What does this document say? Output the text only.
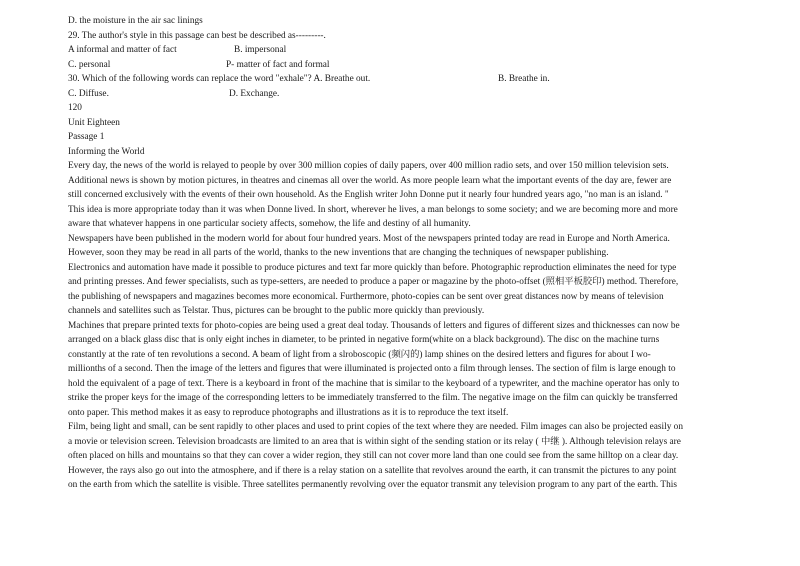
D. the moisture in the air sac linings
29. The author's style in this passage can best be described as---------.
A informal and matter of fact	B. impersonal
C. personal	P- matter of fact and formal
30. Which of the following words can replace the word "exhale"? A. Breathe out.	B. Breathe in.
C. Diffuse.	D. Exchange.
120
Unit Eighteen
Passage 1
Informing the World
Every day, the news of the world is relayed to people by over 300 million copies of daily papers, over 400 million radio sets, and over 150 million television sets.
Additional news is shown by motion pictures, in theatres and cinemas all over the world. As more people learn what the important events of the day are, fewer are
still concerned exclusively with the events of their own household. As the English writer John Donne put it nearly four hundred years ago, "no man is an island. "
This idea is more appropriate today than it was when Donne lived. In short, wherever he lives, a man belongs to some society; and we are becoming more and more
aware that whatever happens in one particular society affects, somehow, the life and destiny of all humanity.
Newspapers have been published in the modern world for about four hundred years. Most of the newspapers printed today are read in Europe and North America.
However, soon they may be read in all parts of the world, thanks to the new inventions that are changing the techniques of newspaper publishing.
Electronics and automation have made it possible to produce pictures and text far more quickly than before. Photographic reproduction eliminates the need for type
and printing presses. And fewer specialists, such as type-setters, are needed to produce a paper or magazine by the photo-offset (照相平板胶印) method. Therefore,
the publishing of newspapers and magazines becomes more economical. Furthermore, photo-copies can be sent over great distances now by means of television
channels and satellites such as Telstar. Thus, pictures can be brought to the public more quickly than previously.
Machines that prepare printed texts for photo-copies are being used a great deal today. Thousands of letters and figures of different sizes and thicknesses can now be
arranged on a black glass disc that is only eight inches in diameter, to be printed in negative form(white on a black background). The disc on the machine turns
constantly at the rate of ten revolutions a second. A beam of light from a slroboscopic (频闪的) lamp shines on the desired letters and figures for about I wo-
millionths of a second. Then the image of the letters and figures that were illuminated is projected onto a film through lenses. The section of film is large enough to
hold the equivalent of a page of text. There is a keyboard in front of the machine that is similar to the keyboard of a typewriter, and the machine operator has only to
strike the proper keys for the image of the corresponding letters to be immediately transferred to the film. The negative image on the film can quickly be transferred
onto paper. This method makes it as easy to reproduce photographs and illustrations as it is to reproduce the text itself.
Film, being light and small, can be sent rapidly to other places and used to print copies of the text where they are needed. Film images can also be projected easily on
a movie or television screen. Television broadcasts are limited to an area that is within sight of the sending station or its relay ( 中继 ). Although television relays are
often placed on hills and mountains so that they can cover a wider region, they still can not cover more land than one could see from the same hilltop on a clear day.
However, the rays also go out into the atmosphere, and if there is a relay station on a satellite that revolves around the earth, it can transmit the pictures to any point
on the earth from which the satellite is visible. Three satellites permanently revolving over the equator transmit any television program to any part of the earth. This
